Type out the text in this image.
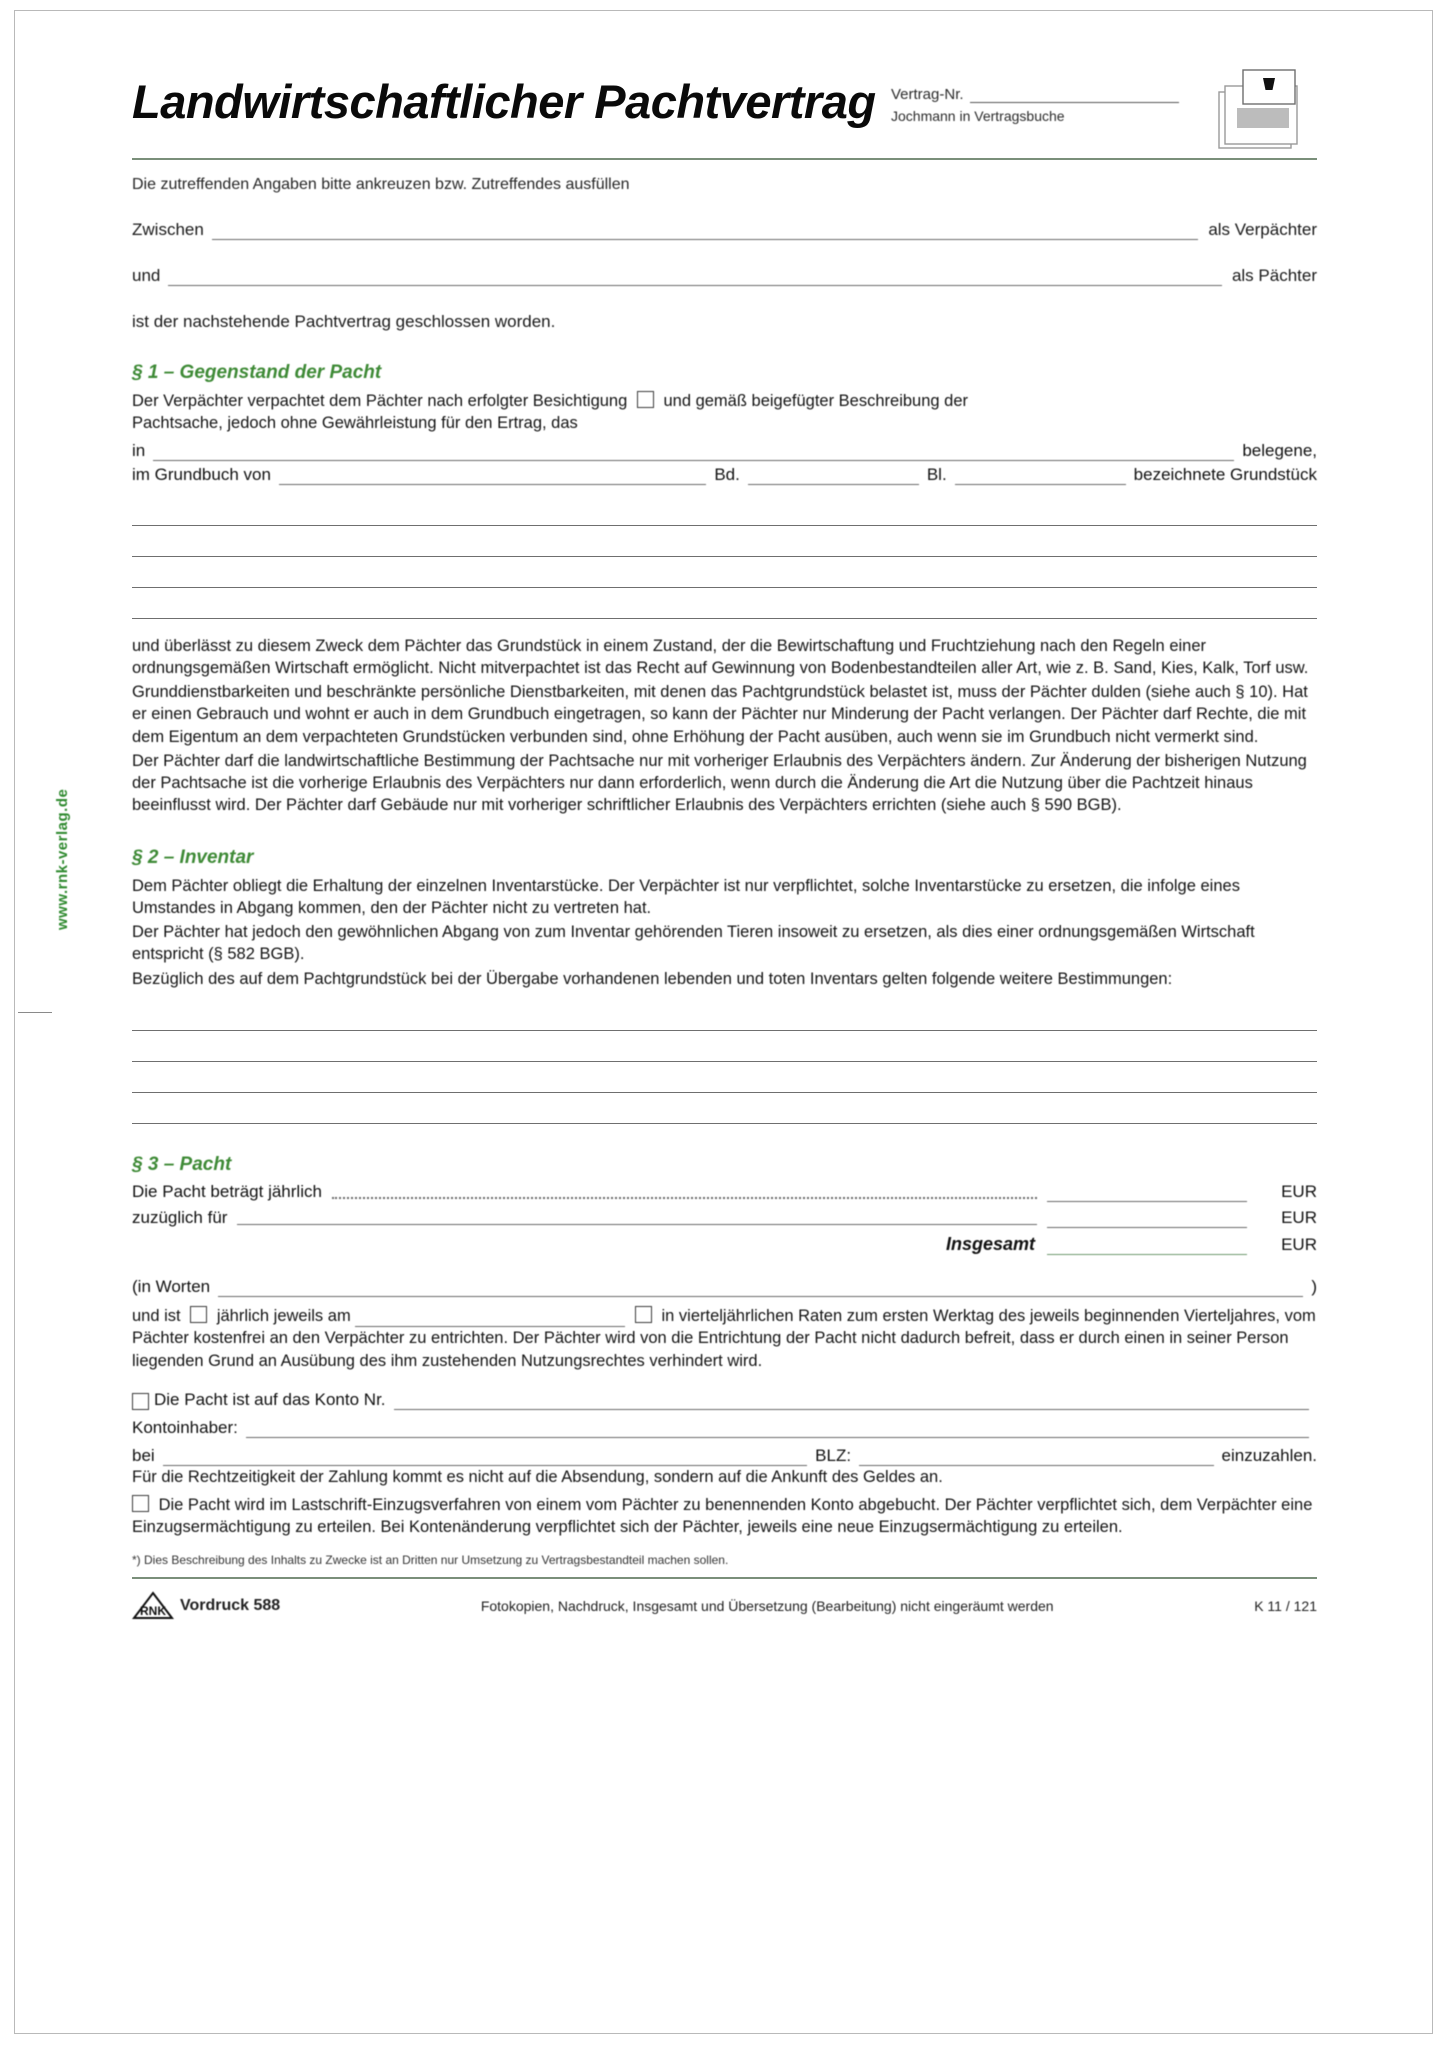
www.rnk-verlag.de
Landwirtschaftlicher Pachtvertrag	Vertrag-Nr.
Jochmann in Vertragsbuche
Die zutreffenden Angaben bitte ankreuzen bzw. Zutreffendes ausfüllen
Zwischen	als Verpächter
und	als Pächter

ist der nachstehende Pachtvertrag geschlossen worden.

§ 1 – Gegenstand der Pacht

Der Verpächter verpachtet dem Pächter nach erfolgter Besichtigung und gemäß beigefügter Beschreibung der
Pachtsache, jedoch ohne Gewährleistung für den Ertrag, das

in	belegene,
im Grundbuch von	Bd.	Bl.	bezeichnete Grundstück

und überlässt zu diesem Zweck dem Pächter das Grundstück in einem Zustand, der die Bewirtschaftung und Fruchtziehung nach den Regeln einer ordnungsgemäßen Wirtschaft ermöglicht. Nicht mitverpachtet ist das Recht auf Gewinnung von Bodenbestandteilen aller Art, wie z. B. Sand, Kies, Kalk, Torf usw.

Grunddienstbarkeiten und beschränkte persönliche Dienstbarkeiten, mit denen das Pachtgrundstück belastet ist, muss der Pächter dulden (siehe auch § 10). Hat er einen Gebrauch und wohnt er auch in dem Grundbuch eingetragen, so kann der Pächter nur Minderung der Pacht verlangen. Der Pächter darf Rechte, die mit dem Eigentum an dem verpachteten Grundstücken verbunden sind, ohne Erhöhung der Pacht ausüben, auch wenn sie im Grundbuch nicht vermerkt sind.

Der Pächter darf die landwirtschaftliche Bestimmung der Pachtsache nur mit vorheriger Erlaubnis des Verpächters ändern. Zur Änderung der bisherigen Nutzung der Pachtsache ist die vorherige Erlaubnis des Verpächters nur dann erforderlich, wenn durch die Änderung die Art die Nutzung über die Pachtzeit hinaus beeinflusst wird. Der Pächter darf Gebäude nur mit vorheriger schriftlicher Erlaubnis des Verpächters errichten (siehe auch § 590 BGB).

§ 2 – Inventar

Dem Pächter obliegt die Erhaltung der einzelnen Inventarstücke. Der Verpächter ist nur verpflichtet, solche Inventarstücke zu ersetzen, die infolge eines Umstandes in Abgang kommen, den der Pächter nicht zu vertreten hat.

Der Pächter hat jedoch den gewöhnlichen Abgang von zum Inventar gehörenden Tieren insoweit zu ersetzen, als dies einer ordnungsgemäßen Wirtschaft entspricht (§ 582 BGB).

Bezüglich des auf dem Pachtgrundstück bei der Übergabe vorhandenen lebenden und toten Inventars gelten folgende weitere Bestimmungen:

§ 3 – Pacht
Die Pacht beträgt jährlich	EUR
zuzüglich für	EUR
Insgesamt	EUR
(in Worten	)

und ist jährlich jeweils am	in vierteljährlichen Raten zum ersten Werktag des jeweils beginnenden Vierteljahres, vom Pächter kostenfrei an den Verpächter zu entrichten. Der Pächter wird von die Entrichtung der Pacht nicht dadurch befreit, dass er durch einen in seiner Person liegenden Grund an Ausübung des ihm zustehenden Nutzungsrechtes verhindert wird.

Die Pacht ist auf das Konto Nr.
Kontoinhaber:
bei	BLZ:	einzuzahlen.

Für die Rechtzeitigkeit der Zahlung kommt es nicht auf die Absendung, sondern auf die Ankunft des Geldes an.

Die Pacht wird im Lastschrift-Einzugsverfahren von einem vom Pächter zu benennenden Konto abgebucht. Der Pächter verpflichtet sich, dem Verpächter eine Einzugsermächtigung zu erteilen. Bei Kontenänderung verpflichtet sich der Pächter, jeweils eine neue Einzugsermächtigung zu erteilen.

*) Dies Beschreibung des Inhalts zu Zwecke ist an Dritten nur Umsetzung zu Vertragsbestandteil machen sollen.
RNK Vordruck 588	Fotokopien, Nachdruck, Insgesamt und Übersetzung (Bearbeitung) nicht eingeräumt werden	K 11 / 121
